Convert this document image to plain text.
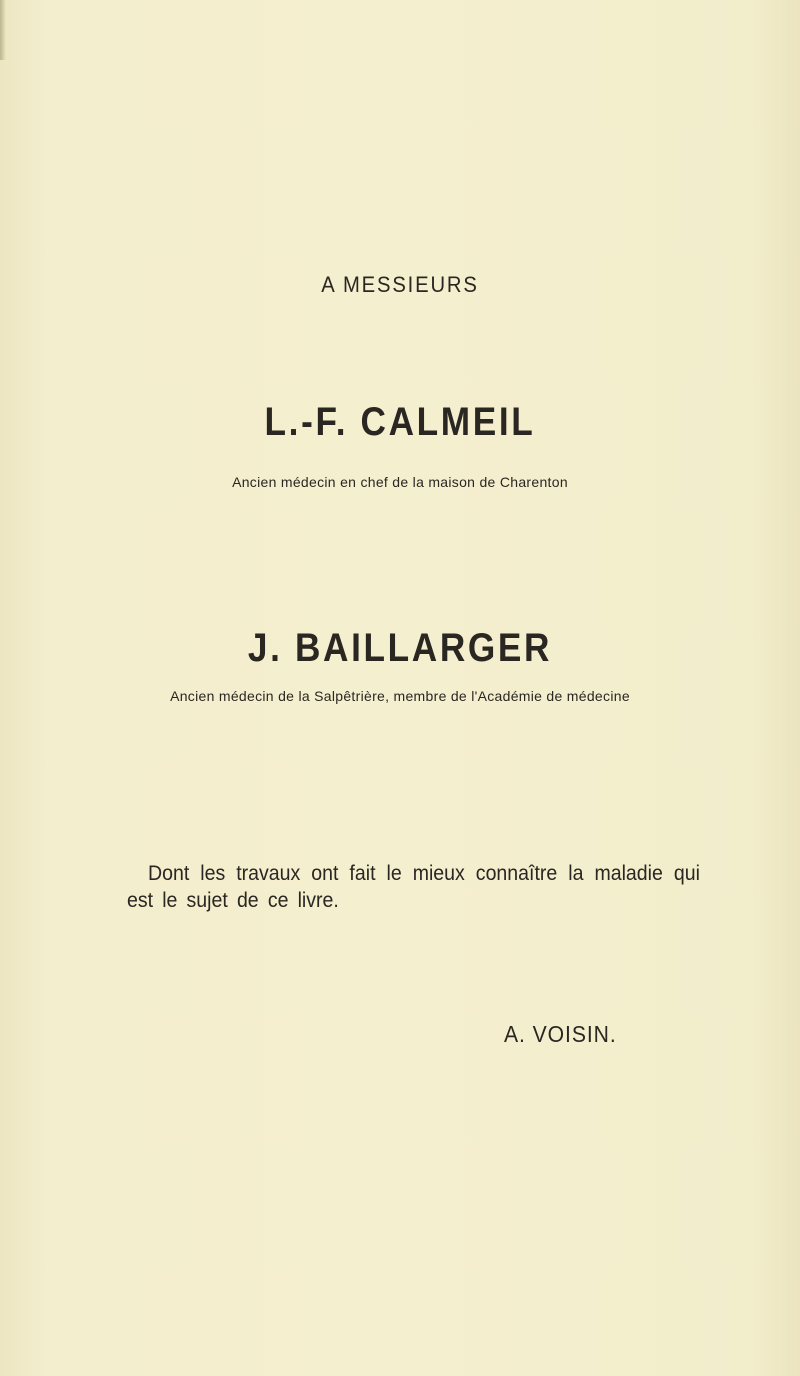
A MESSIEURS
L.-F. CALMEIL
Ancien médecin en chef de la maison de Charenton
J. BAILLARGER
Ancien médecin de la Salpêtrière, membre de l'Académie de médecine
Dont les travaux ont fait le mieux connaître la maladie qui
est le sujet de ce livre.
A. VOISIN.
